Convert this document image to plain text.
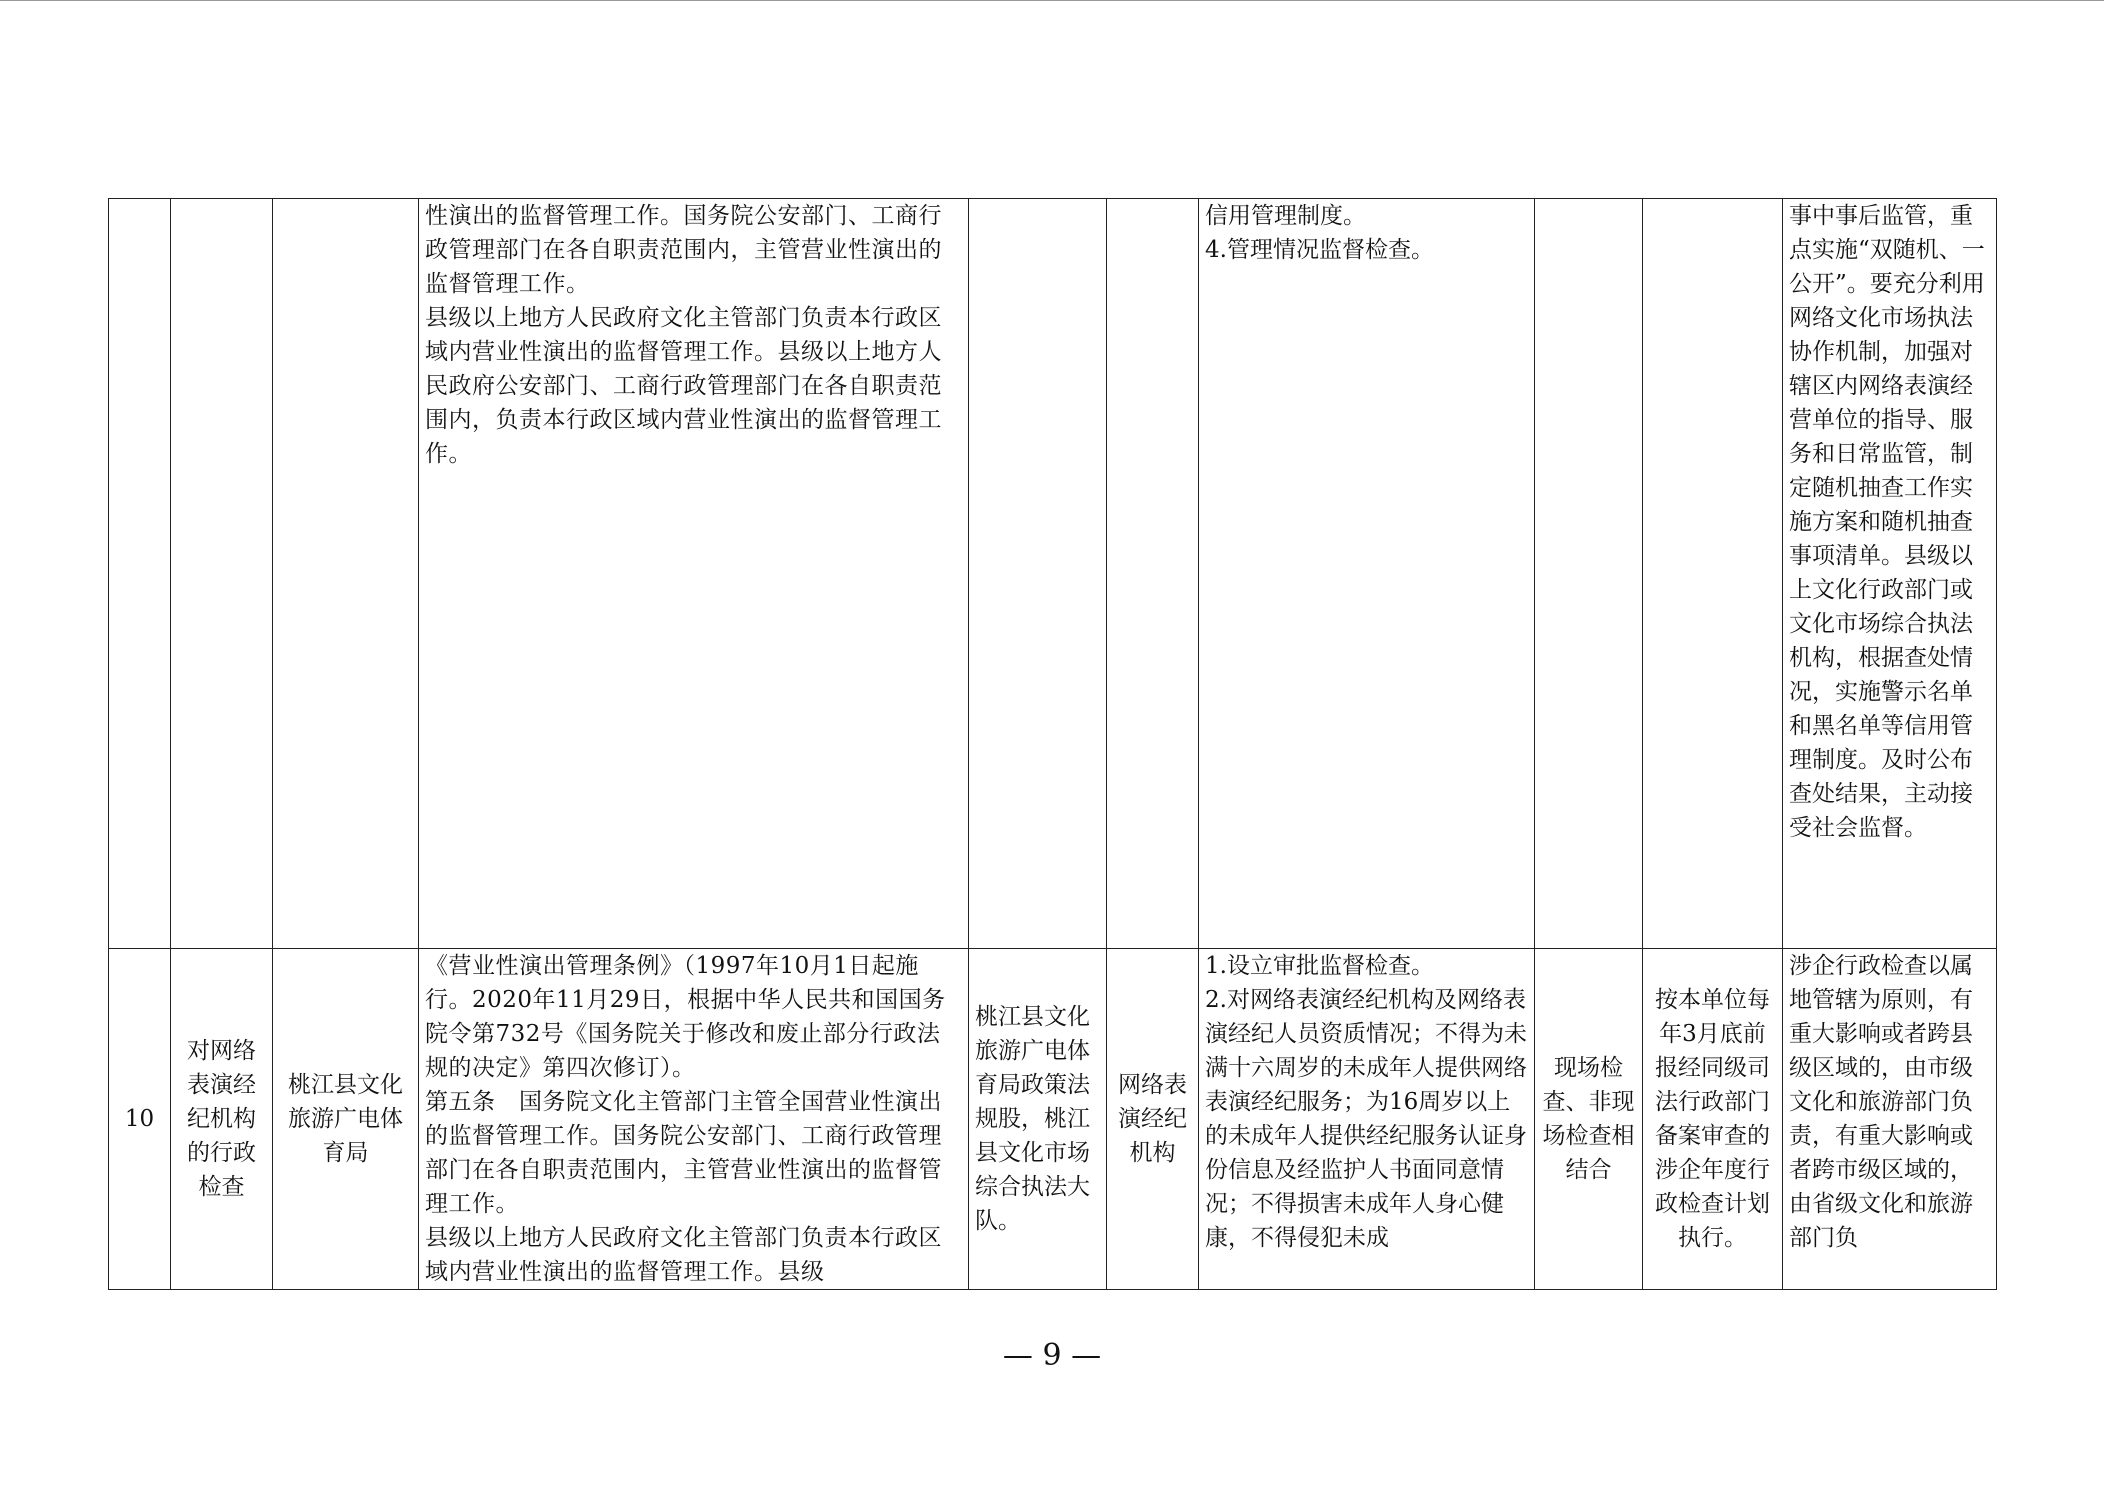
			性演出的监督管理工作。国务院公安部门、工商行政管理部门在各自职责范围内，主管营业性演出的监督管理工作。
县级以上地方人民政府文化主管部门负责本行政区域内营业性演出的监督管理工作。县级以上地方人民政府公安部门、工商行政管理部门在各自职责范围内，负责本行政区域内营业性演出的监督管理工作。			信用管理制度。
4.管理情况监督检查。			事中事后监管，重点实施“双随机、一公开”。要充分利用网络文化市场执法协作机制，加强对辖区内网络表演经营单位的指导、服务和日常监管，制定随机抽查工作实施方案和随机抽查事项清单。县级以上文化行政部门或文化市场综合执法机构，根据查处情况，实施警示名单和黑名单等信用管理制度。及时公布查处结果，主动接受社会监督。
10	对网络表演经纪机构的行政检查	桃江县文化旅游广电体育局	《营业性演出管理条例》（1997年10月1日起施行。2020年11月29日，根据中华人民共和国国务院令第732号《国务院关于修改和废止部分行政法规的决定》第四次修订）。
第五条　国务院文化主管部门主管全国营业性演出的监督管理工作。国务院公安部门、工商行政管理部门在各自职责范围内，主管营业性演出的监督管理工作。
县级以上地方人民政府文化主管部门负责本行政区域内营业性演出的监督管理工作。县级	桃江县文化旅游广电体育局政策法规股，桃江县文化市场综合执法大队。	网络表演经纪机构	1.设立审批监督检查。
2.对网络表演经纪机构及网络表演经纪人员资质情况；不得为未满十六周岁的未成年人提供网络表演经纪服务；为16周岁以上的未成年人提供经纪服务认证身份信息及经监护人书面同意情况；不得损害未成年人身心健康，不得侵犯未成	现场检查、非现场检查相结合	按本单位每年3月底前报经同级司法行政部门备案审查的涉企年度行政检查计划执行。	涉企行政检查以属地管辖为原则，有重大影响或者跨县级区域的，由市级文化和旅游部门负责，有重大影响或者跨市级区域的，由省级文化和旅游部门负
— 9 —
